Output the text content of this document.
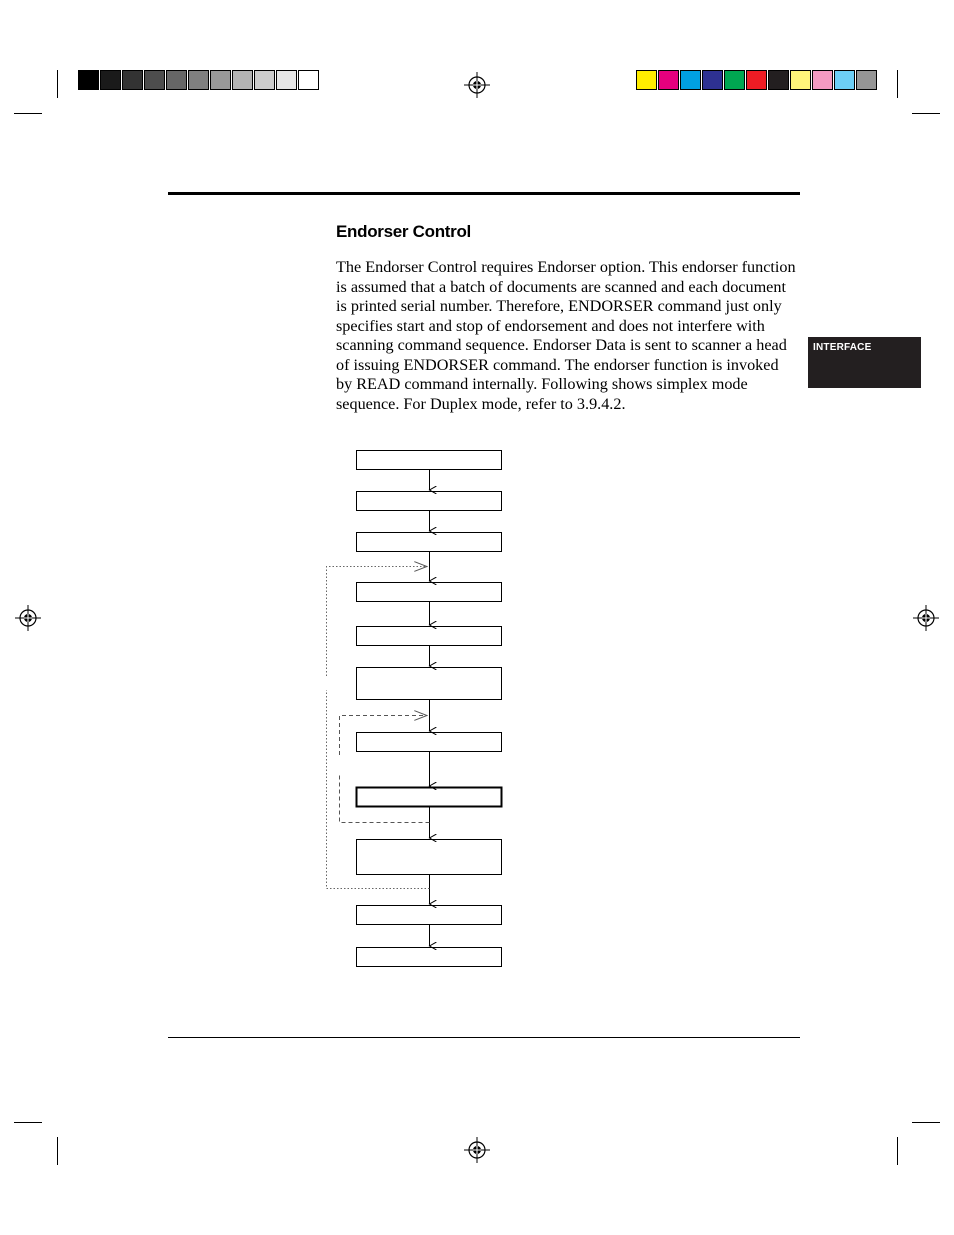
Endorser Control
The Endorser Control requires Endorser option. This endorser function is assumed that a batch of documents are scanned and each document is printed serial number. Therefore, ENDORSER command just only specifies start and stop of endorsement and does not interfere with scanning command sequence. Endorser Data is sent to scanner a head of issuing ENDORSER command. The endorser function is invoked by READ command internally. Following shows simplex mode sequence. For Duplex mode, refer to 3.9.4.2.
INTERFACE
